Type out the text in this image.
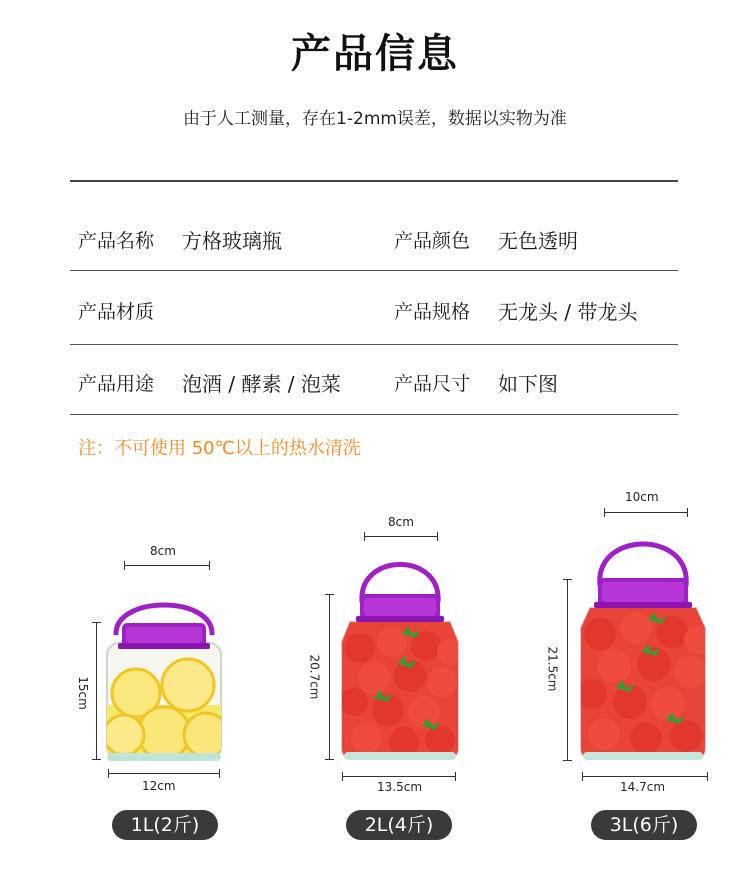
产品信息
由于人工测量，存在1-2mm误差，数据以实物为准
产品名称 方格玻璃瓶	产品颜色 无色透明
产品材质	产品规格 无龙头 / 带龙头
产品用途 泡酒 / 酵素 / 泡菜	产品尺寸 如下图
注：不可使用 50℃以上的热水清洗
8cm
15cm
12cm
1L(2斤)
8cm
20.7cm
13.5cm
2L(4斤)
10cm
21.5cm
14.7cm
3L(6斤)
